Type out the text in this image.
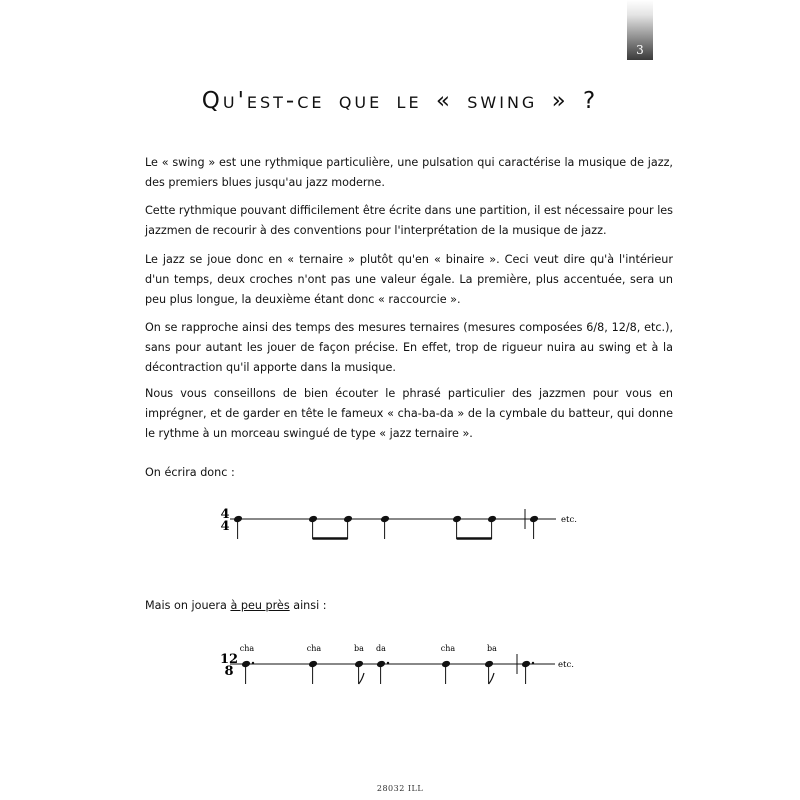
3
Qu'est-ce que le « swing » ?

Le « swing » est une rythmique particulière, une pulsation qui caractérise la musique de jazz, des premiers blues jusqu'au jazz moderne.

Cette rythmique pouvant difficilement être écrite dans une partition, il est nécessaire pour les jazzmen de recourir à des conventions pour l'interprétation de la musique de jazz.

Le jazz se joue donc en « ternaire » plutôt qu'en « binaire ». Ceci veut dire qu'à l'intérieur d'un temps, deux croches n'ont pas une valeur égale. La première, plus accentuée, sera un peu plus longue, la deuxième étant donc « raccourcie ».

On se rapproche ainsi des temps des mesures ternaires (mesures composées 6/8, 12/8, etc.), sans pour autant les jouer de façon précise. En effet, trop de rigueur nuira au swing et à la décontraction qu'il apporte dans la musique.

Nous vous conseillons de bien écouter le phrasé particulier des jazzmen pour vous en imprégner, et de garder en tête le fameux « cha-ba-da » de la cymbale du batteur, qui donne le rythme à un morceau swingué de type « jazz ternaire ».

On écrira donc :
Mais on jouera à peu près ainsi :
4
4	etc.
12
8
cha	cha	ba da	cha	ba
etc.
28032 ILL
